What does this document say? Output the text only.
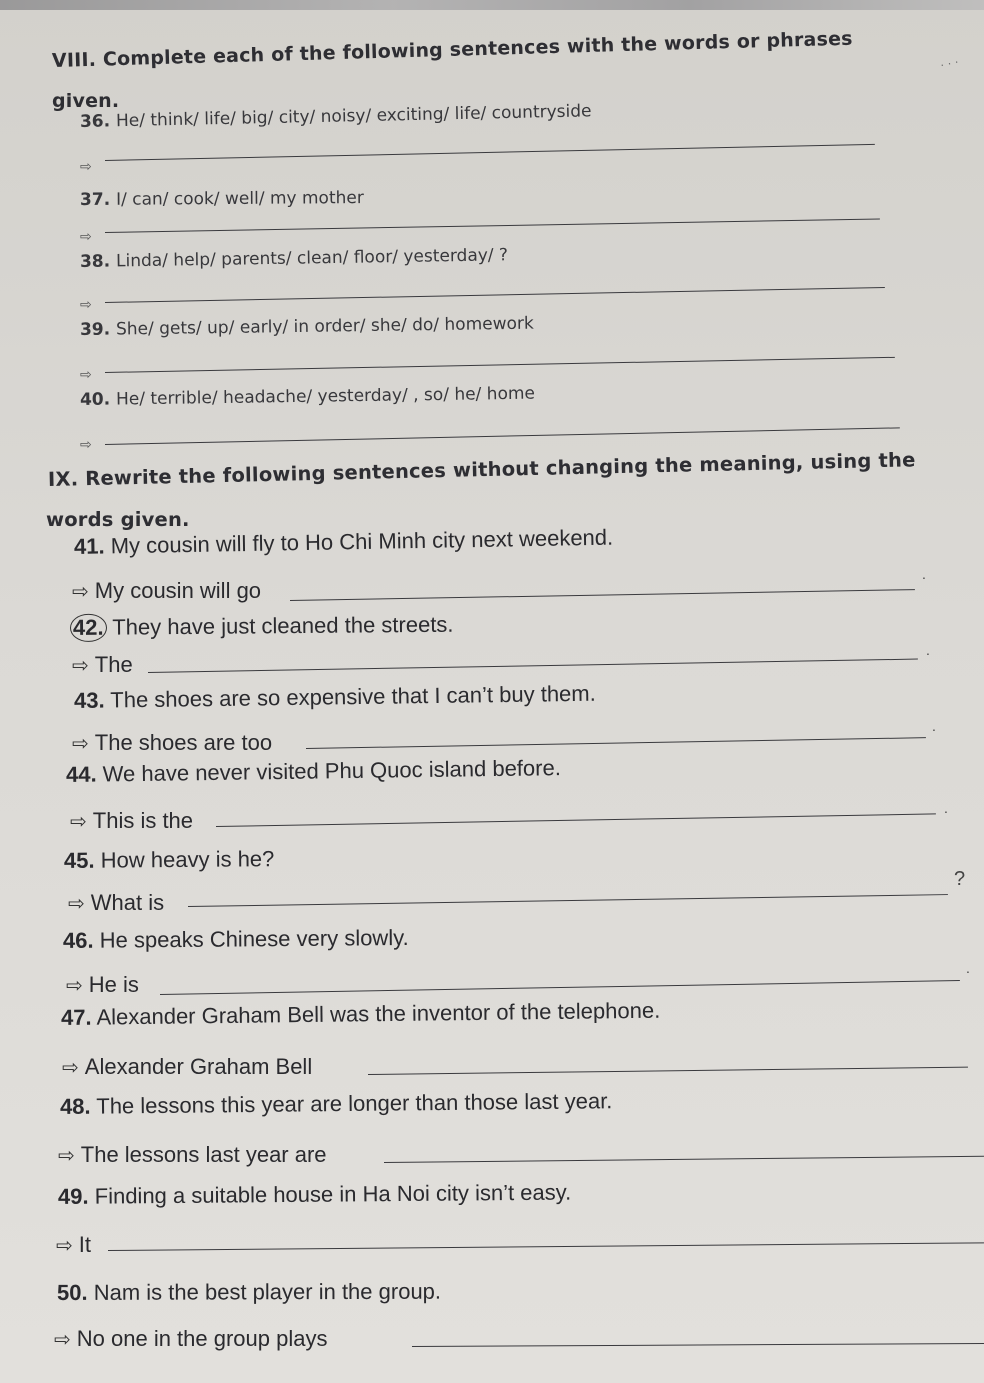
· · ·
VIII. Complete each of the following sentences with the words or phrases
given.
36. He/ think/ life/ big/ city/ noisy/ exciting/ life/ countryside
⇨
37. I/ can/ cook/ well/ my mother
⇨
38. Linda/ help/ parents/ clean/ floor/ yesterday/ ?
⇨
39. She/ gets/ up/ early/ in order/ she/ do/ homework
⇨
40. He/ terrible/ headache/ yesterday/ , so/ he/ home
⇨
IX. Rewrite the following sentences without changing the meaning, using the
words given.
41. My cousin will fly to Ho Chi Minh city next weekend.
⇨ My cousin will go
.
42. They have just cleaned the streets.
⇨ The
.
43. The shoes are so expensive that I can’t buy them.
⇨ The shoes are too
.
44. We have never visited Phu Quoc island before.
⇨ This is the	.
45. How heavy is he?
⇨ What is
?
46. He speaks Chinese very slowly.
⇨ He is
.
47. Alexander Graham Bell was the inventor of the telephone.
⇨ Alexander Graham Bell
48. The lessons this year are longer than those last year.
⇨ The lessons last year are
49. Finding a suitable house in Ha Noi city isn’t easy.
⇨ It
50. Nam is the best player in the group.
⇨ No one in the group plays
